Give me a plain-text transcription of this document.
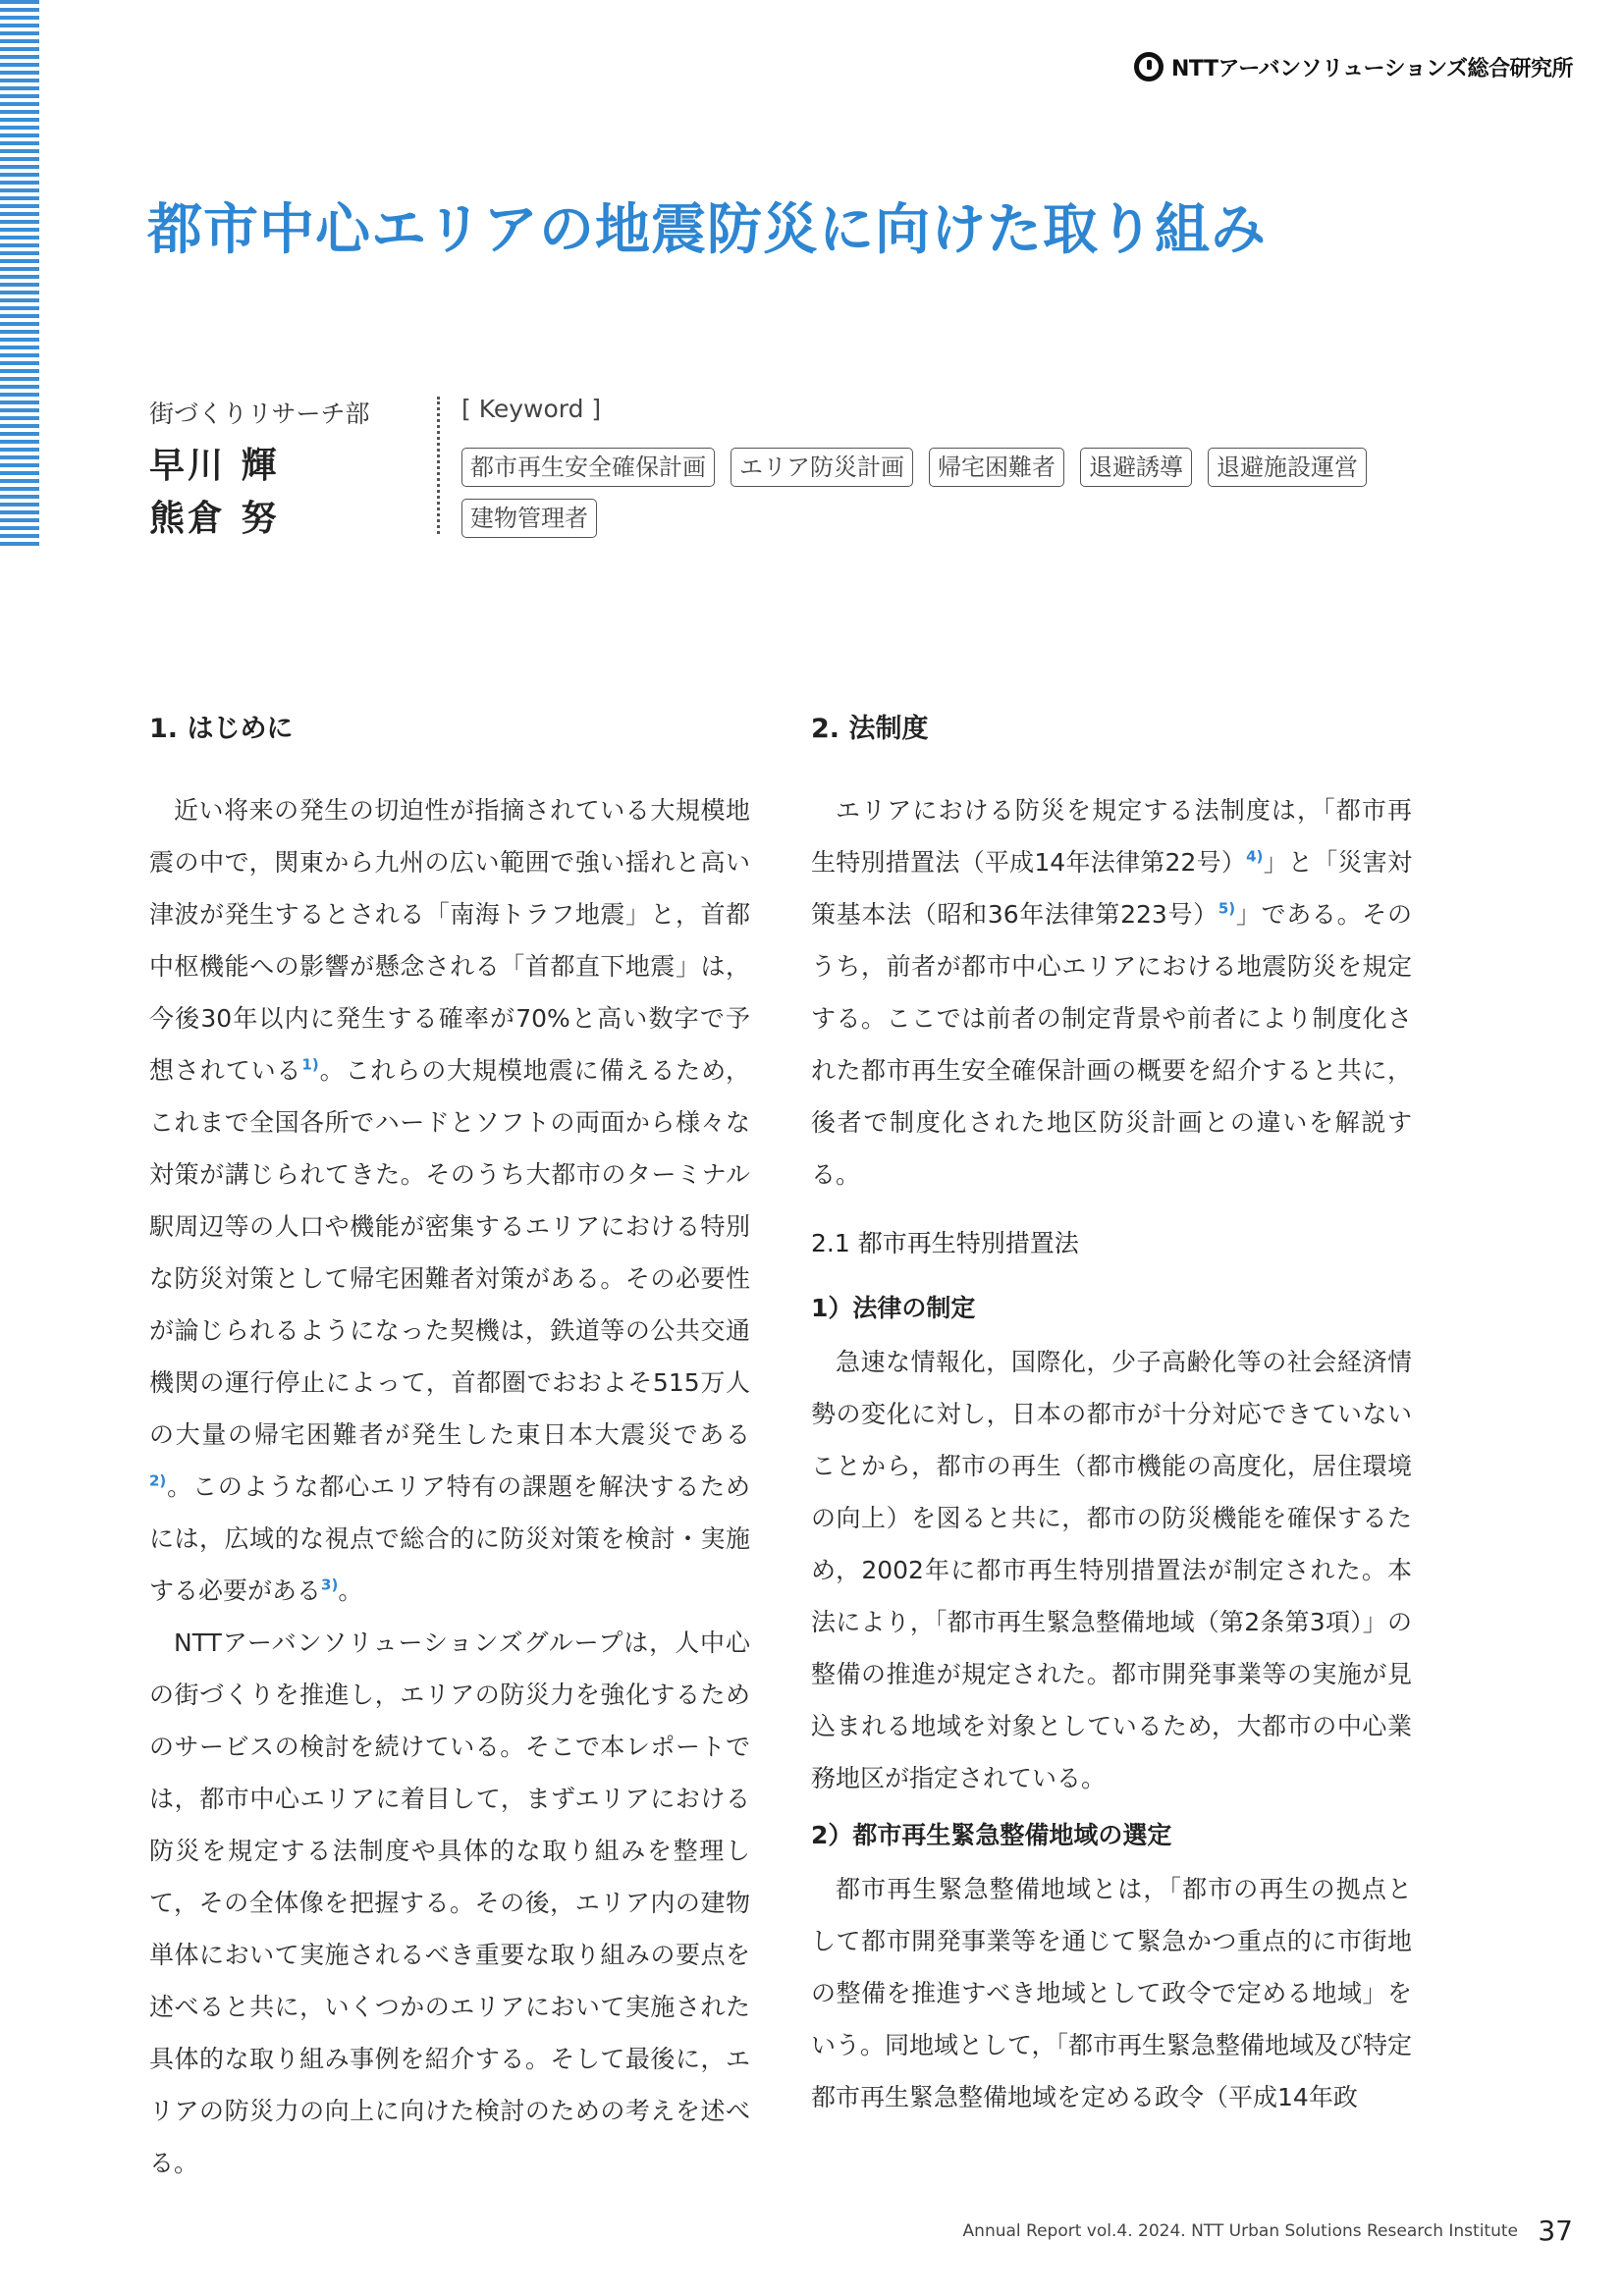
NTTアーバンソリューションズ総合研究所
都市中心エリアの地震防災に向けた取り組み
街づくりリサーチ部
早川 輝
熊倉 努
[ Keyword ]
都市再生安全確保計画	エリア防災計画	帰宅困難者	退避誘導	退避施設運営
建物管理者
1. はじめに

近い将来の発生の切迫性が指摘されている大規模地震の中で，関東から九州の広い範囲で強い揺れと高い津波が発生するとされる「南海トラフ地震」と，首都中枢機能への影響が懸念される「首都直下地震」は，今後30年以内に発生する確率が70%と高い数字で予想されている$^{1)}$。これらの大規模地震に備えるため，これまで全国各所でハードとソフトの両面から様々な対策が講じられてきた。そのうち大都市のターミナル駅周辺等の人口や機能が密集するエリアにおける特別な防災対策として帰宅困難者対策がある。その必要性が論じられるようになった契機は，鉄道等の公共交通機関の運行停止によって，首都圏でおおよそ515万人の大量の帰宅困難者が発生した東日本大震災である$^{2)}$。このような都心エリア特有の課題を解決するためには，広域的な視点で総合的に防災対策を検討・実施する必要がある$^{3)}$。

NTTアーバンソリューションズグループは，人中心の街づくりを推進し，エリアの防災力を強化するためのサービスの検討を続けている。そこで本レポートでは，都市中心エリアに着目して，まずエリアにおける防災を規定する法制度や具体的な取り組みを整理して，その全体像を把握する。その後，エリア内の建物単体において実施されるべき重要な取り組みの要点を述べると共に，いくつかのエリアにおいて実施された具体的な取り組み事例を紹介する。そして最後に，エリアの防災力の向上に向けた検討のための考えを述べる。

2. 法制度

エリアにおける防災を規定する法制度は，「都市再生特別措置法（平成14年法律第22号）$^{4)}$」と「災害対策基本法（昭和36年法律第223号）$^{5)}$」である。そのうち，前者が都市中心エリアにおける地震防災を規定する。ここでは前者の制定背景や前者により制度化された都市再生安全確保計画の概要を紹介すると共に，後者で制度化された地区防災計画との違いを解説する。

2.1 都市再生特別措置法
1）法律の制定

急速な情報化，国際化，少子高齢化等の社会経済情勢の変化に対し，日本の都市が十分対応できていないことから，都市の再生（都市機能の高度化，居住環境の向上）を図ると共に，都市の防災機能を確保するため，2002年に都市再生特別措置法が制定された。本法により，「都市再生緊急整備地域（第2条第3項）」の整備の推進が規定された。都市開発事業等の実施が見込まれる地域を対象としているため，大都市の中心業務地区が指定されている。

2）都市再生緊急整備地域の選定

都市再生緊急整備地域とは，「都市の再生の拠点として都市開発事業等を通じて緊急かつ重点的に市街地の整備を推進すべき地域として政令で定める地域」をいう。同地域として，「都市再生緊急整備地域及び特定都市再生緊急整備地域を定める政令（平成14年政

Annual Report vol.4. 2024. NTT Urban Solutions Research Institute 37
